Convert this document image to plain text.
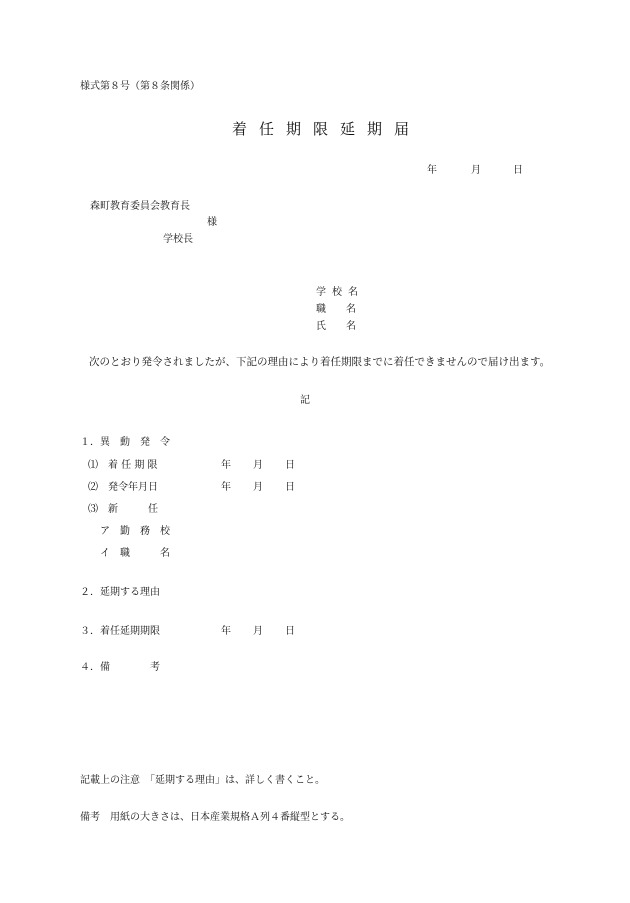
様式第８号（第８条関係）
着任期限延期届
年	月	日
森町教育委員会教育長
様
学校長
学校名
職　　名
氏　　名
次のとおり発令されましたが、下記の理由により着任期限までに着任できませんので届け出ます。
記
１．異　動　発　令
⑴　着 任 期 限	年 月 日
⑵　発令年月日	年 月 日
⑶　新　　　任
ア　勤　務　校
イ　職　　　名
２．延期する理由
３．着任延期期限	年 月 日
４．備　　　　考
記載上の注意　「延期する理由」は、詳しく書くこと。
備考　用紙の大きさは、日本産業規格Ａ列４番縦型とする。
